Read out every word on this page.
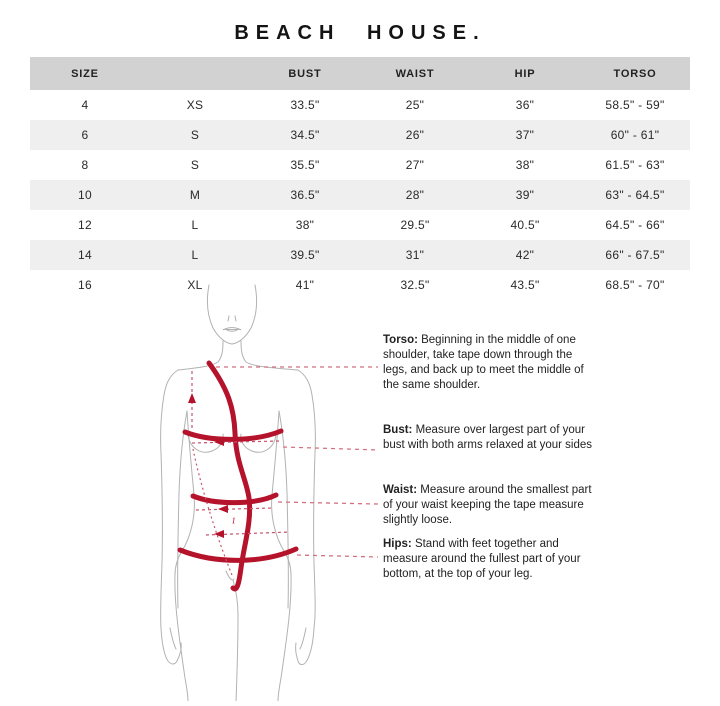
BEACH HOUSE.
SIZE		BUST	WAIST	HIP	TORSO
4	XS	33.5"	25"	36"	58.5" - 59"
6	S	34.5"	26"	37"	60" - 61"
8	S	35.5"	27"	38"	61.5" - 63"
10	M	36.5"	28"	39"	63" - 64.5"
12	L	38"	29.5"	40.5"	64.5" - 66"
14	L	39.5"	31"	42"	66" - 67.5"
16	XL	41"	32.5"	43.5"	68.5" - 70"
1
Torso: Beginning in the middle of one shoulder, take tape down through the legs, and back up to meet the middle of the same shoulder.
Bust: Measure over largest part of your bust with both arms relaxed at your sides
Waist: Measure around the smallest part of your waist keeping the tape measure slightly loose.
Hips: Stand with feet together and measure around the fullest part of your bottom, at the top of your leg.
